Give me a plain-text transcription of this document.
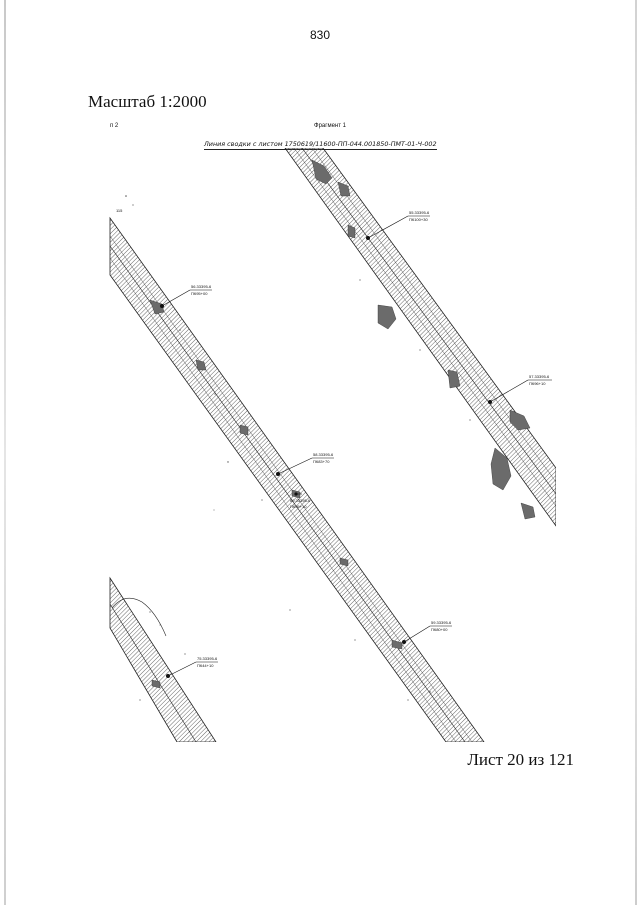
830
Масштаб 1:2000
п 2	Фрагмент 1
Линия сводки с листом 1750619/11600-ПП-044.001850-ПМТ-01-Ч-002
115	55.33395-6
ПК100+30
56.33395-6
ПК95+00
57.33395-6
ПК96+10
58.33395-6
ПК83+70
59.33395-6
ПК80+00
60.33395-6
ПК95+10
75.33395-6
ПК44+10
Лист 20 из 121
